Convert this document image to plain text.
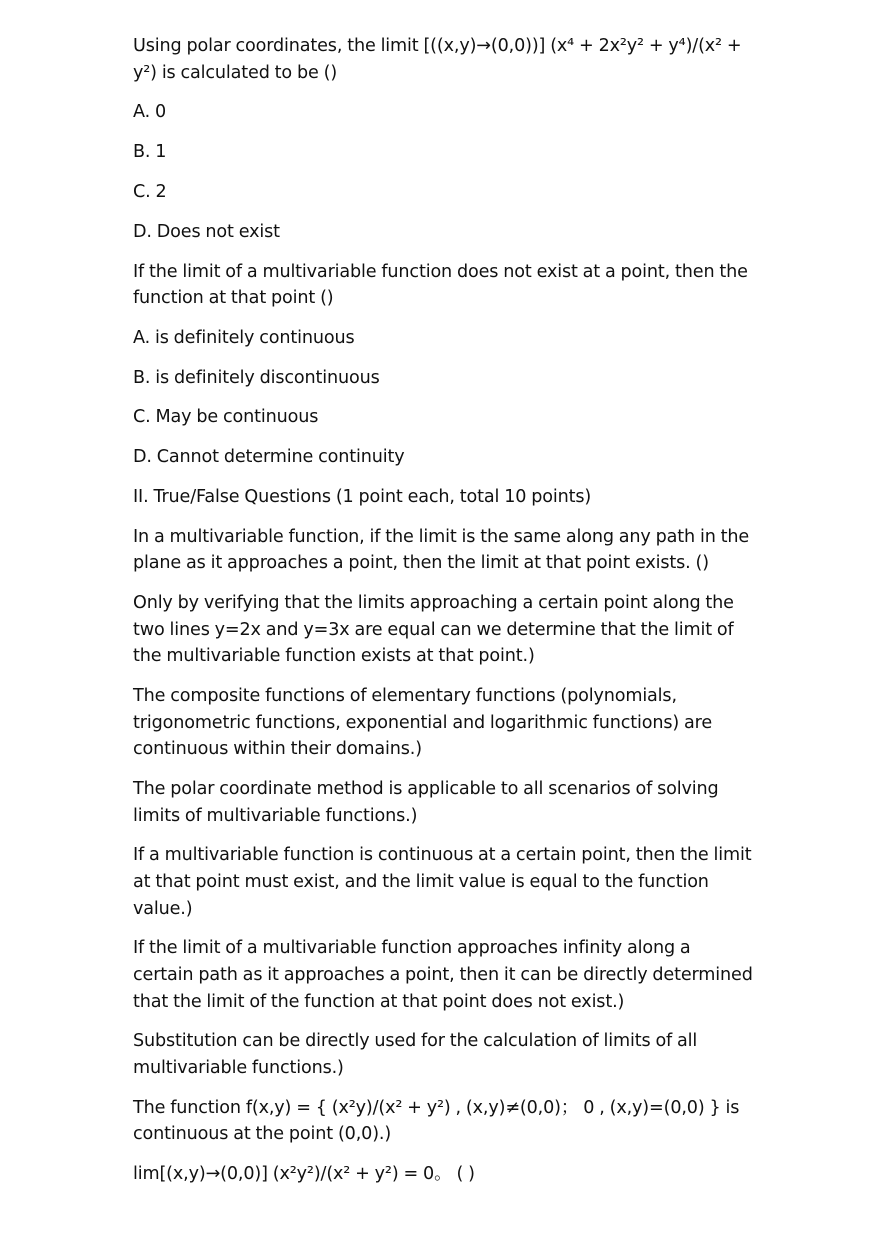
Using polar coordinates, the limit [((x,y)→(0,0))] (x⁴ + 2x²y² + y⁴)/(x² + y²) is calculated to be ()

A. 0

B. 1

C. 2

D. Does not exist

If the limit of a multivariable function does not exist at a point, then the function at that point ()

A. is definitely continuous

B. is definitely discontinuous

C. May be continuous

D. Cannot determine continuity

II. True/False Questions (1 point each, total 10 points)

In a multivariable function, if the limit is the same along any path in the plane as it approaches a point, then the limit at that point exists. ()

Only by verifying that the limits approaching a certain point along the two lines y=2x and y=3x are equal can we determine that the limit of the multivariable function exists at that point.)

The composite functions of elementary functions (polynomials, trigonometric functions, exponential and logarithmic functions) are continuous within their domains.)

The polar coordinate method is applicable to all scenarios of solving limits of multivariable functions.)

If a multivariable function is continuous at a certain point, then the limit at that point must exist, and the limit value is equal to the function value.)

If the limit of a multivariable function approaches infinity along a certain path as it approaches a point, then it can be directly determined that the limit of the function at that point does not exist.)

Substitution can be directly used for the calculation of limits of all multivariable functions.)

The function f(x,y) = { (x²y)/(x² + y²) , (x,y)≠(0,0)； 0 , (x,y)=(0,0) } is continuous at the point (0,0).)

lim[(x,y)→(0,0)] (x²y²)/(x² + y²) = 0。 ( )
